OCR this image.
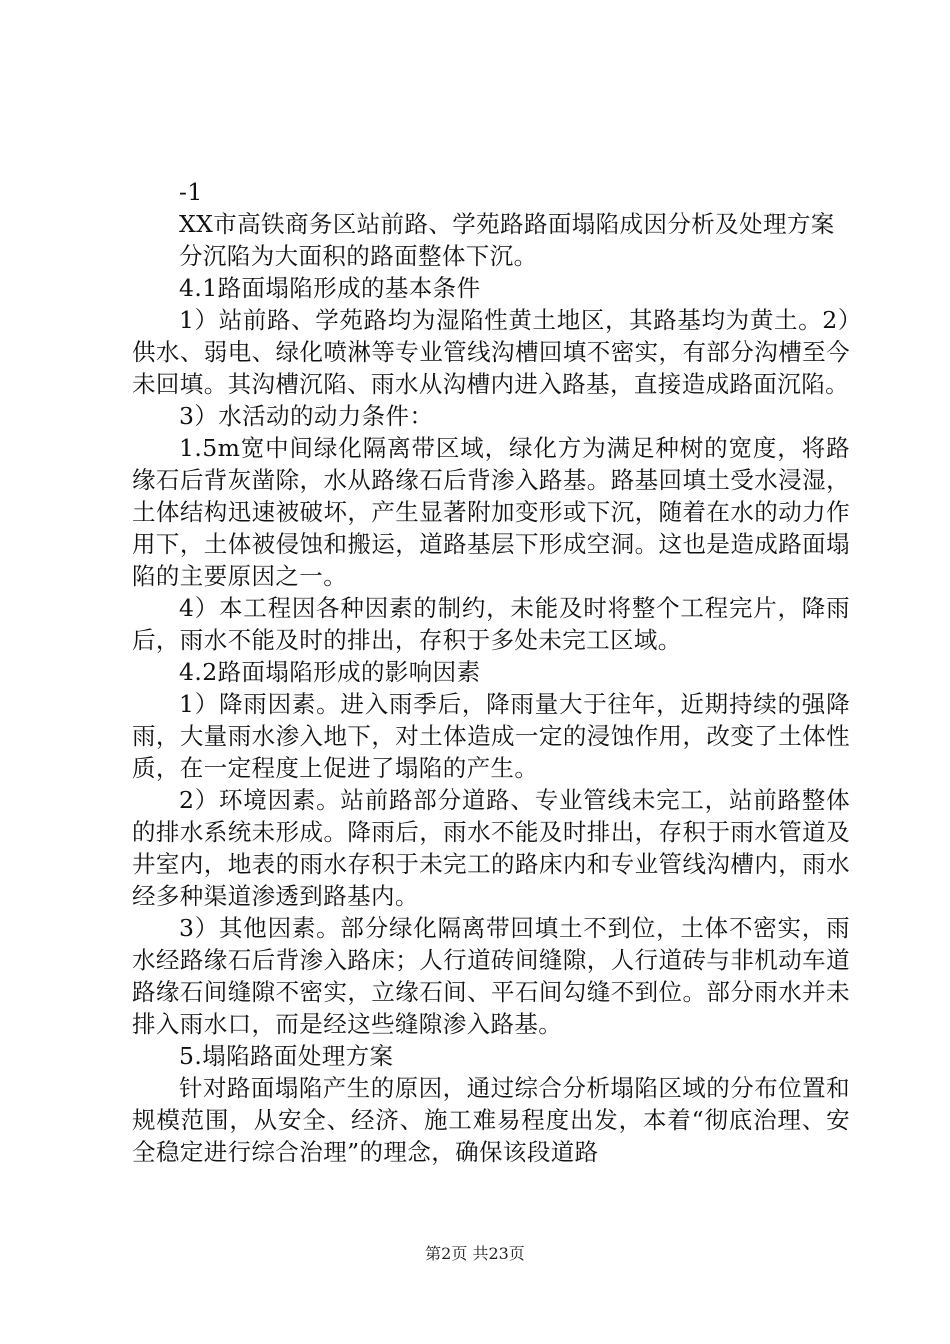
-1

XX市高铁商务区站前路、学苑路路面塌陷成因分析及处理方案

分沉陷为大面积的路面整体下沉。

4.1路面塌陷形成的基本条件

1）站前路、学苑路均为湿陷性黄土地区，其路基均为黄土。2）供水、弱电、绿化喷淋等专业管线沟槽回填不密实，有部分沟槽至今未回填。其沟槽沉陷、雨水从沟槽内进入路基，直接造成路面沉陷。

3）水活动的动力条件：

1.5m宽中间绿化隔离带区域，绿化方为满足种树的宽度，将路缘石后背灰凿除，水从路缘石后背渗入路基。路基回填土受水浸湿，土体结构迅速被破坏，产生显著附加变形或下沉，随着在水的动力作用下，土体被侵蚀和搬运，道路基层下形成空洞。这也是造成路面塌陷的主要原因之一。

4）本工程因各种因素的制约，未能及时将整个工程完片，降雨后，雨水不能及时的排出，存积于多处未完工区域。

4.2路面塌陷形成的影响因素

1）降雨因素。进入雨季后，降雨量大于往年，近期持续的强降雨，大量雨水渗入地下，对土体造成一定的浸蚀作用，改变了土体性质，在一定程度上促进了塌陷的产生。

2）环境因素。站前路部分道路、专业管线未完工，站前路整体的排水系统未形成。降雨后，雨水不能及时排出，存积于雨水管道及井室内，地表的雨水存积于未完工的路床内和专业管线沟槽内，雨水经多种渠道渗透到路基内。

3）其他因素。部分绿化隔离带回填土不到位，土体不密实，雨水经路缘石后背渗入路床；人行道砖间缝隙，人行道砖与非机动车道路缘石间缝隙不密实，立缘石间、平石间勾缝不到位。部分雨水并未排入雨水口，而是经这些缝隙渗入路基。

5.塌陷路面处理方案

针对路面塌陷产生的原因，通过综合分析塌陷区域的分布位置和规模范围，从安全、经济、施工难易程度出发，本着“彻底治理、安全稳定进行综合治理”的理念，确保该段道路

第2页 共23页
